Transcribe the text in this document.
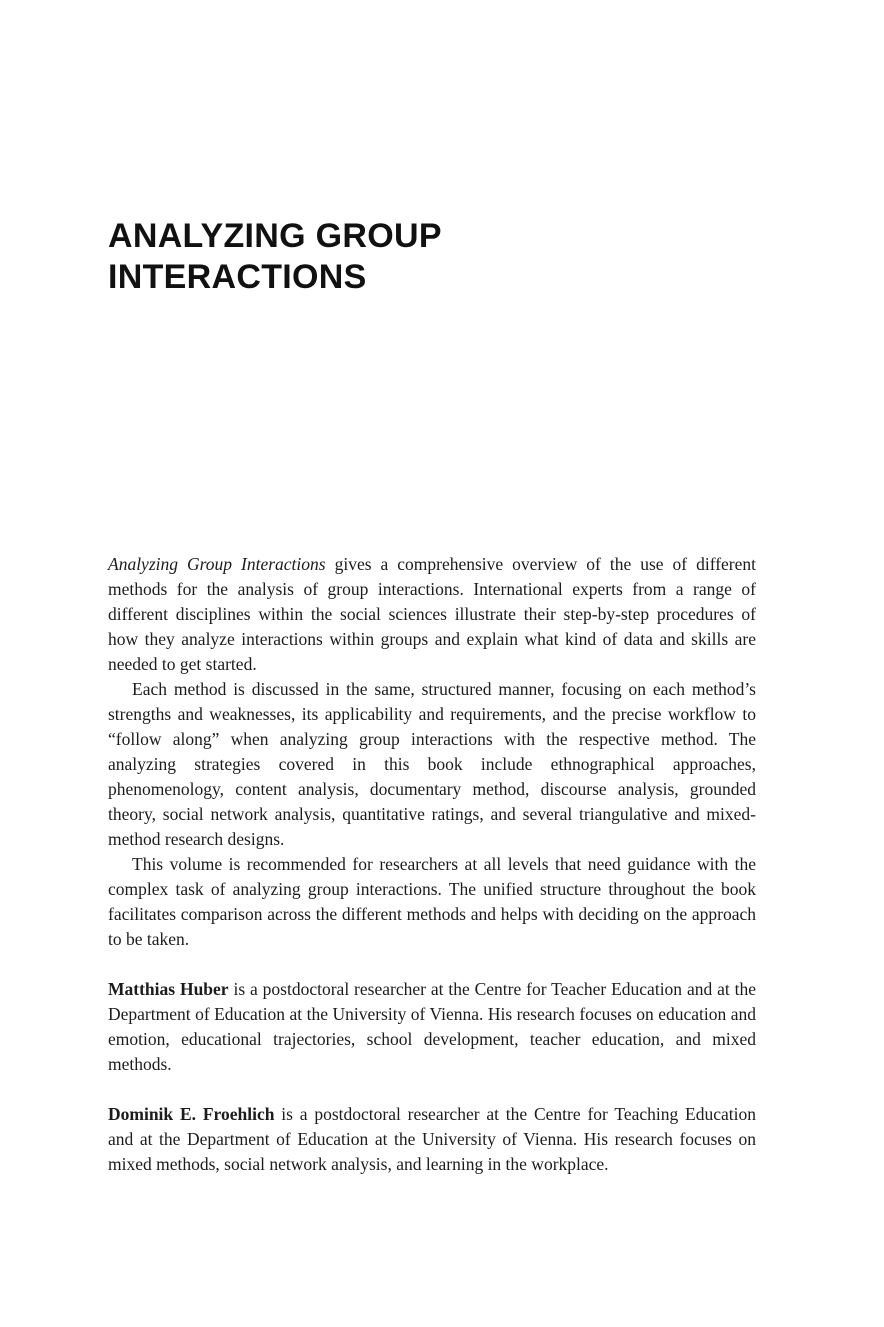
ANALYZING GROUP
INTERACTIONS

Analyzing Group Interactions gives a comprehensive overview of the use of different methods for the analysis of group interactions. International experts from a range of different disciplines within the social sciences illustrate their step-by-step procedures of how they analyze interactions within groups and explain what kind of data and skills are needed to get started.

Each method is discussed in the same, structured manner, focusing on each method’s strengths and weaknesses, its applicability and requirements, and the precise workflow to “follow along” when analyzing group interactions with the respective method. The analyzing strategies covered in this book include ethnographical approaches, phenomenology, content analysis, documentary method, discourse analysis, grounded theory, social network analysis, quantitative ratings, and several triangulative and mixed-method research designs.

This volume is recommended for researchers at all levels that need guidance with the complex task of analyzing group interactions. The unified structure throughout the book facilitates comparison across the different methods and helps with deciding on the approach to be taken.

Matthias Huber is a postdoctoral researcher at the Centre for Teacher Education and at the Department of Education at the University of Vienna. His research focuses on education and emotion, educational trajectories, school development, teacher education, and mixed methods.

Dominik E. Froehlich is a postdoctoral researcher at the Centre for Teaching Education and at the Department of Education at the University of Vienna. His research focuses on mixed methods, social network analysis, and learning in the workplace.
